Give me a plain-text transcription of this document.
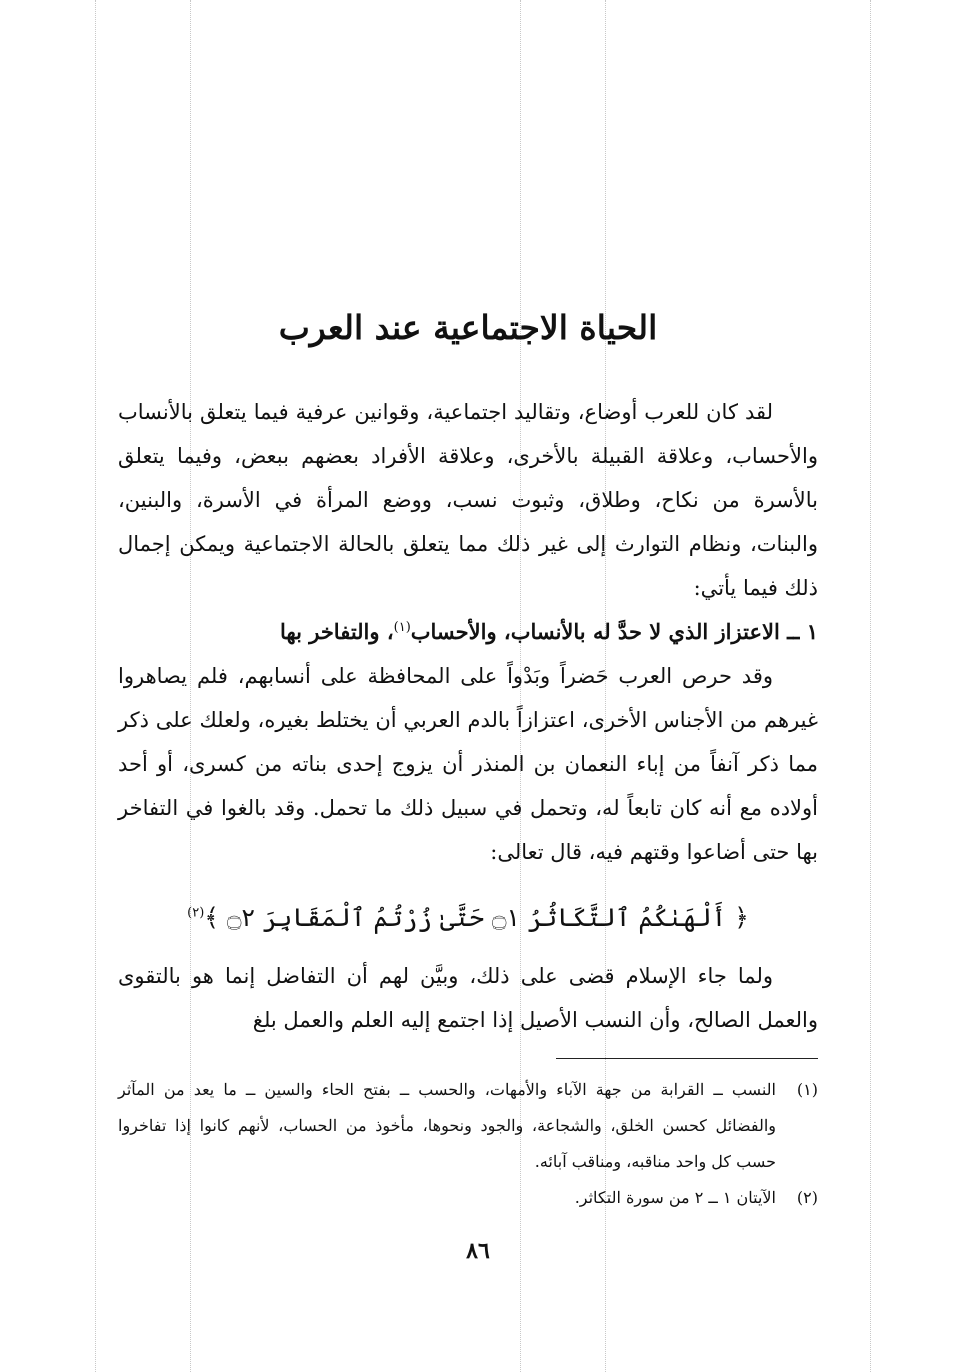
الحياة الاجتماعية عند العرب

لقد كان للعرب أوضاع، وتقاليد اجتماعية، وقوانين عرفية فيما يتعلق بالأنساب والأحساب، وعلاقة القبيلة بالأخرى، وعلاقة الأفراد بعضهم ببعض، وفيما يتعلق بالأسرة من نكاح، وطلاق، وثبوت نسب، ووضع المرأة في الأسرة، والبنين، والبنات، ونظام التوارث إلى غير ذلك مما يتعلق بالحالة الاجتماعية ويمكن إجمال ذلك فيما يأتي:

١ ــ الاعتزاز الذي لا حدَّ له بالأنساب، والأحساب$^{(١)}$، والتفاخر بها

وقد حرص العرب حَضراً وبَدْواً على المحافظة على أنسابهم، فلم يصاهروا غيرهم من الأجناس الأخرى، اعتزازاً بالدم العربي أن يختلط بغيره، ولعلك على ذكر مما ذكر آنفاً من إباء النعمان بن المنذر أن يزوج إحدى بناته من كسرى، أو أحد أولاده مع أنه كان تابعاً له، وتحمل في سبيل ذلك ما تحمل. وقد بالغوا في التفاخر بها حتى أضاعوا وقتهم فيه، قال تعالى:

﴿ أَلْهَىٰكُمُ ٱلتَّكَاثُرُ ۝١ حَتَّىٰ زُرْتُمُ ٱلْمَقَابِرَ ۝٢ ﴾$^{(٢)}$

ولما جاء الإسلام قضى على ذلك، وبيَّن لهم أن التفاضل إنما هو بالتقوى والعمل الصالح، وأن النسب الأصيل إذا اجتمع إليه العلم والعمل بلغ

(١)
النسب ــ القرابة من جهة الآباء والأمهات، والحسب ــ بفتح الحاء والسين ــ ما يعد من المآثر والفضائل كحسن الخلق، والشجاعة، والجود ونحوها، مأخوذ من الحساب، لأنهم كانوا إذا تفاخروا حسب كل واحد مناقبه، ومناقب آبائه.

(٢)
الآيتان ١ ــ ٢ من سورة التكاثر.

٨٦
